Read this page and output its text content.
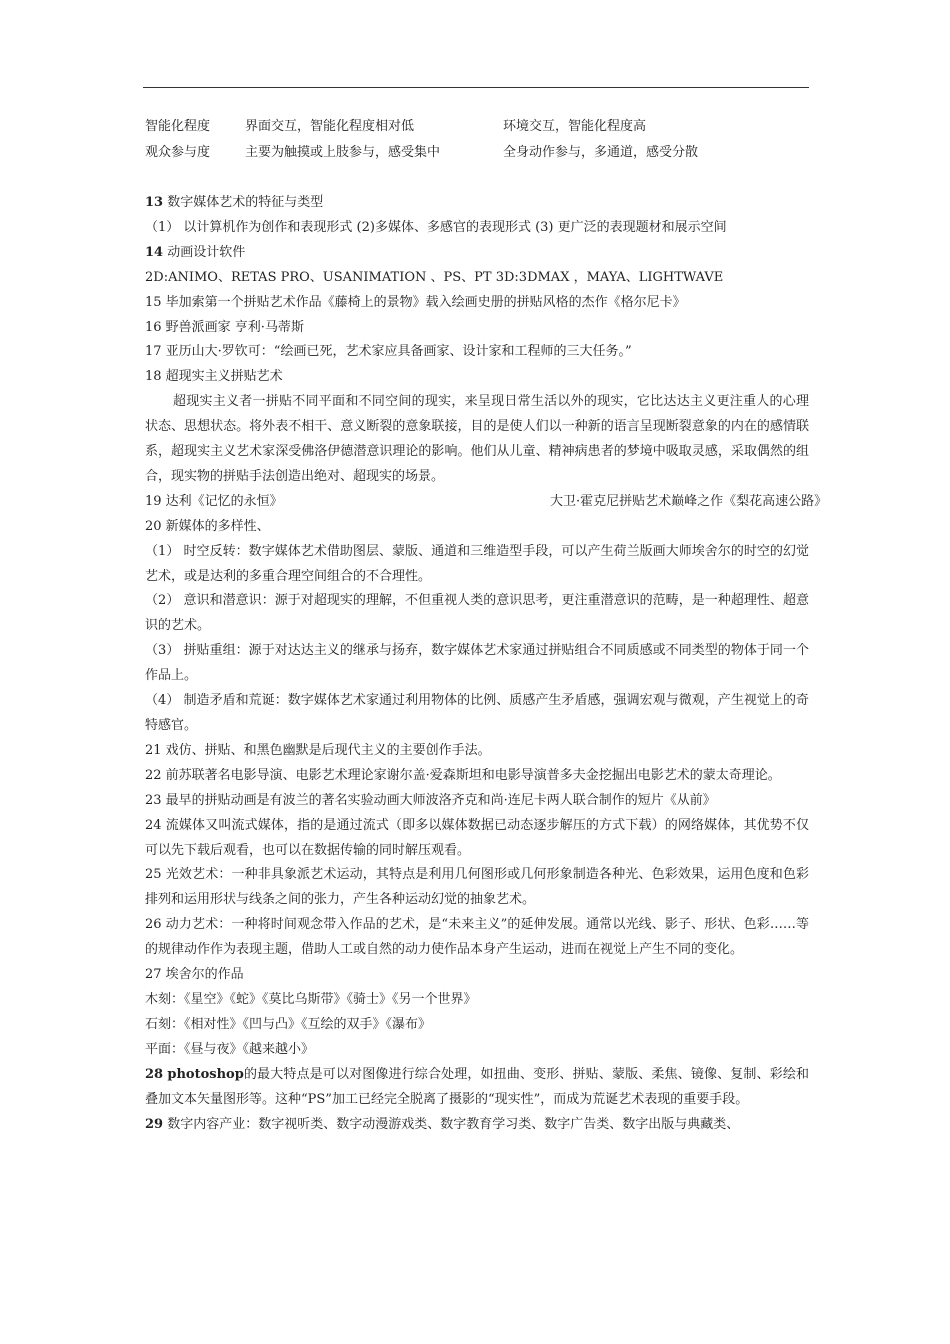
智能化程度	界面交互，智能化程度相对低	环境交互，智能化程度高
观众参与度	主要为触摸或上肢参与，感受集中	全身动作参与，多通道，感受分散

13 数字媒体艺术的特征与类型

（1） 以计算机作为创作和表现形式 (2)多媒体、多感官的表现形式 (3) 更广泛的表现题材和展示空间

14 动画设计软件

2D:ANIMO、RETAS PRO、USANIMATION 、PS、PT 3D:3DMAX ，MAYA、LIGHTWAVE

15 毕加索第一个拼贴艺术作品《藤椅上的景物》载入绘画史册的拼贴风格的杰作《格尔尼卡》

16 野兽派画家 亨利·马蒂斯

17 亚历山大·罗钦可：“绘画已死，艺术家应具备画家、设计家和工程师的三大任务。”

18 超现实主义拼贴艺术

超现实主义者一拼贴不同平面和不同空间的现实，来呈现日常生活以外的现实，它比达达主义更注重人的心理状态、思想状态。将外表不相干、意义断裂的意象联接，目的是使人们以一种新的语言呈现断裂意象的内在的感情联系，超现实主义艺术家深受佛洛伊德潜意识理论的影响。他们从儿童、精神病患者的梦境中吸取灵感，采取偶然的组合，现实物的拼贴手法创造出绝对、超现实的场景。

19 达利《记忆的永恒》	大卫·霍克尼拼贴艺术巅峰之作《梨花高速公路》

20 新媒体的多样性、

（1） 时空反转：数字媒体艺术借助图层、蒙版、通道和三维造型手段，可以产生荷兰版画大师埃舍尔的时空的幻觉艺术，或是达利的多重合理空间组合的不合理性。

（2） 意识和潜意识：源于对超现实的理解，不但重视人类的意识思考，更注重潜意识的范畴，是一种超理性、超意识的艺术。

（3） 拼贴重组：源于对达达主义的继承与扬弃，数字媒体艺术家通过拼贴组合不同质感或不同类型的物体于同一个作品上。

（4） 制造矛盾和荒诞：数字媒体艺术家通过利用物体的比例、质感产生矛盾感，强调宏观与微观，产生视觉上的奇特感官。

21 戏仿、拼贴、和黑色幽默是后现代主义的主要创作手法。

22 前苏联著名电影导演、电影艺术理论家谢尔盖·爱森斯坦和电影导演普多夫金挖掘出电影艺术的蒙太奇理论。

23 最早的拼贴动画是有波兰的著名实验动画大师波洛齐克和尚·连尼卡两人联合制作的短片《从前》

24 流媒体又叫流式媒体，指的是通过流式（即多以媒体数据已动态逐步解压的方式下载）的网络媒体，其优势不仅可以先下载后观看，也可以在数据传输的同时解压观看。

25 光效艺术：一种非具象派艺术运动，其特点是利用几何图形或几何形象制造各种光、色彩效果，运用色度和色彩排列和运用形状与线条之间的张力，产生各种运动幻觉的抽象艺术。

26 动力艺术：一种将时间观念带入作品的艺术，是“未来主义”的延伸发展。通常以光线、影子、形状、色彩……等的规律动作作为表现主题，借助人工或自然的动力使作品本身产生运动，进而在视觉上产生不同的变化。

27 埃舍尔的作品

木刻：《星空》《蛇》《莫比乌斯带》《骑士》《另一个世界》

石刻：《相对性》《凹与凸》《互绘的双手》《瀑布》

平面：《昼与夜》《越来越小》

28 photoshop的最大特点是可以对图像进行综合处理，如扭曲、变形、拼贴、蒙版、柔焦、镜像、复制、彩绘和叠加文本矢量图形等。这种“PS”加工已经完全脱离了摄影的“现实性”，而成为荒诞艺术表现的重要手段。

29 数字内容产业：数字视听类、数字动漫游戏类、数字教育学习类、数字广告类、数字出版与典藏类、
